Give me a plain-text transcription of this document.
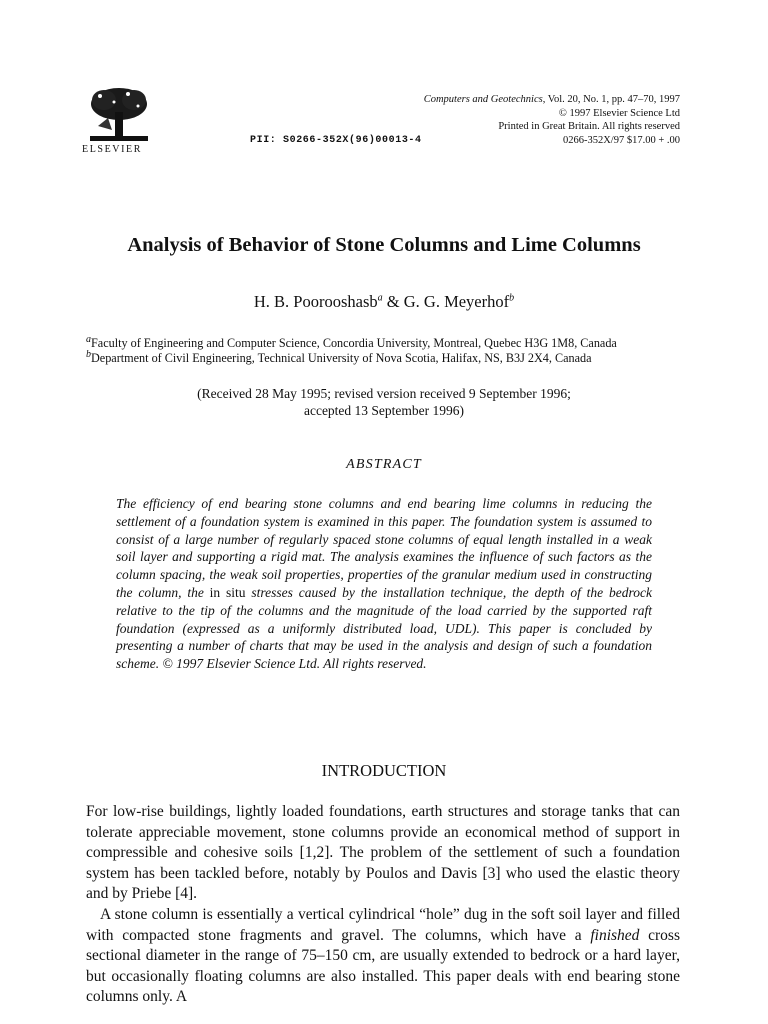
ELSEVIER
Computers and Geotechnics, Vol. 20, No. 1, pp. 47–70, 1997
© 1997 Elsevier Science Ltd
Printed in Great Britain. All rights reserved
PII: S0266-352X(96)00013-4	0266-352X/97 $17.00 + .00
Analysis of Behavior of Stone Columns and Lime Columns
H. B. Poorooshasb$^a$ & G. G. Meyerhof$^b$
$^a$Faculty of Engineering and Computer Science, Concordia University, Montreal, Quebec H3G 1M8, Canada
$^b$Department of Civil Engineering, Technical University of Nova Scotia, Halifax, NS, B3J 2X4, Canada
(Received 28 May 1995; revised version received 9 September 1996;
accepted 13 September 1996)
ABSTRACT
The efficiency of end bearing stone columns and end bearing lime columns in reducing the settlement of a foundation system is examined in this paper. The foundation system is assumed to consist of a large number of regularly spaced stone columns of equal length installed in a weak soil layer and supporting a rigid mat. The analysis examines the influence of such factors as the column spacing, the weak soil properties, properties of the granular medium used in constructing the column, the in situ stresses caused by the installation technique, the depth of the bedrock relative to the tip of the columns and the magnitude of the load carried by the supported raft foundation (expressed as a uniformly distributed load, UDL). This paper is concluded by presenting a number of charts that may be used in the analysis and design of such a foundation scheme. © 1997 Elsevier Science Ltd. All rights reserved.
INTRODUCTION

For low-rise buildings, lightly loaded foundations, earth structures and storage tanks that can tolerate appreciable movement, stone columns provide an economical method of support in compressible and cohesive soils [1,2]. The problem of the settlement of such a foundation system has been tackled before, notably by Poulos and Davis [3] who used the elastic theory and by Priebe [4].

A stone column is essentially a vertical cylindrical “hole” dug in the soft soil layer and filled with compacted stone fragments and gravel. The columns, which have a finished cross sectional diameter in the range of 75–150 cm, are usually extended to bedrock or a hard layer, but occasionally floating columns are also installed. This paper deals with end bearing stone columns only. A
